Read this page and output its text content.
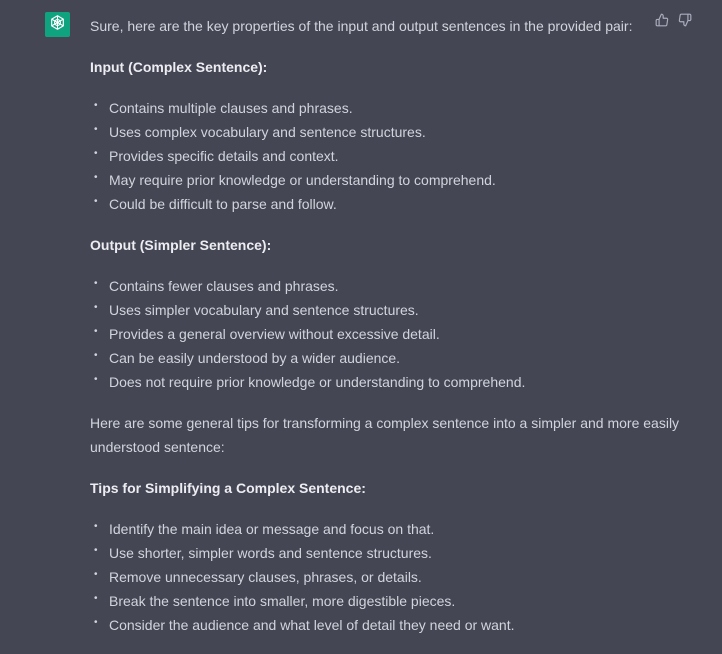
Sure, here are the key properties of the input and output sentences in the provided pair:

Input (Complex Sentence):

• Contains multiple clauses and phrases.
• Uses complex vocabulary and sentence structures.
• Provides specific details and context.
• May require prior knowledge or understanding to comprehend.
• Could be difficult to parse and follow.

Output (Simpler Sentence):

• Contains fewer clauses and phrases.
• Uses simpler vocabulary and sentence structures.
• Provides a general overview without excessive detail.
• Can be easily understood by a wider audience.
• Does not require prior knowledge or understanding to comprehend.

Here are some general tips for transforming a complex sentence into a simpler and more easily understood sentence:

Tips for Simplifying a Complex Sentence:

• Identify the main idea or message and focus on that.
• Use shorter, simpler words and sentence structures.
• Remove unnecessary clauses, phrases, or details.
• Break the sentence into smaller, more digestible pieces.
• Consider the audience and what level of detail they need or want.
